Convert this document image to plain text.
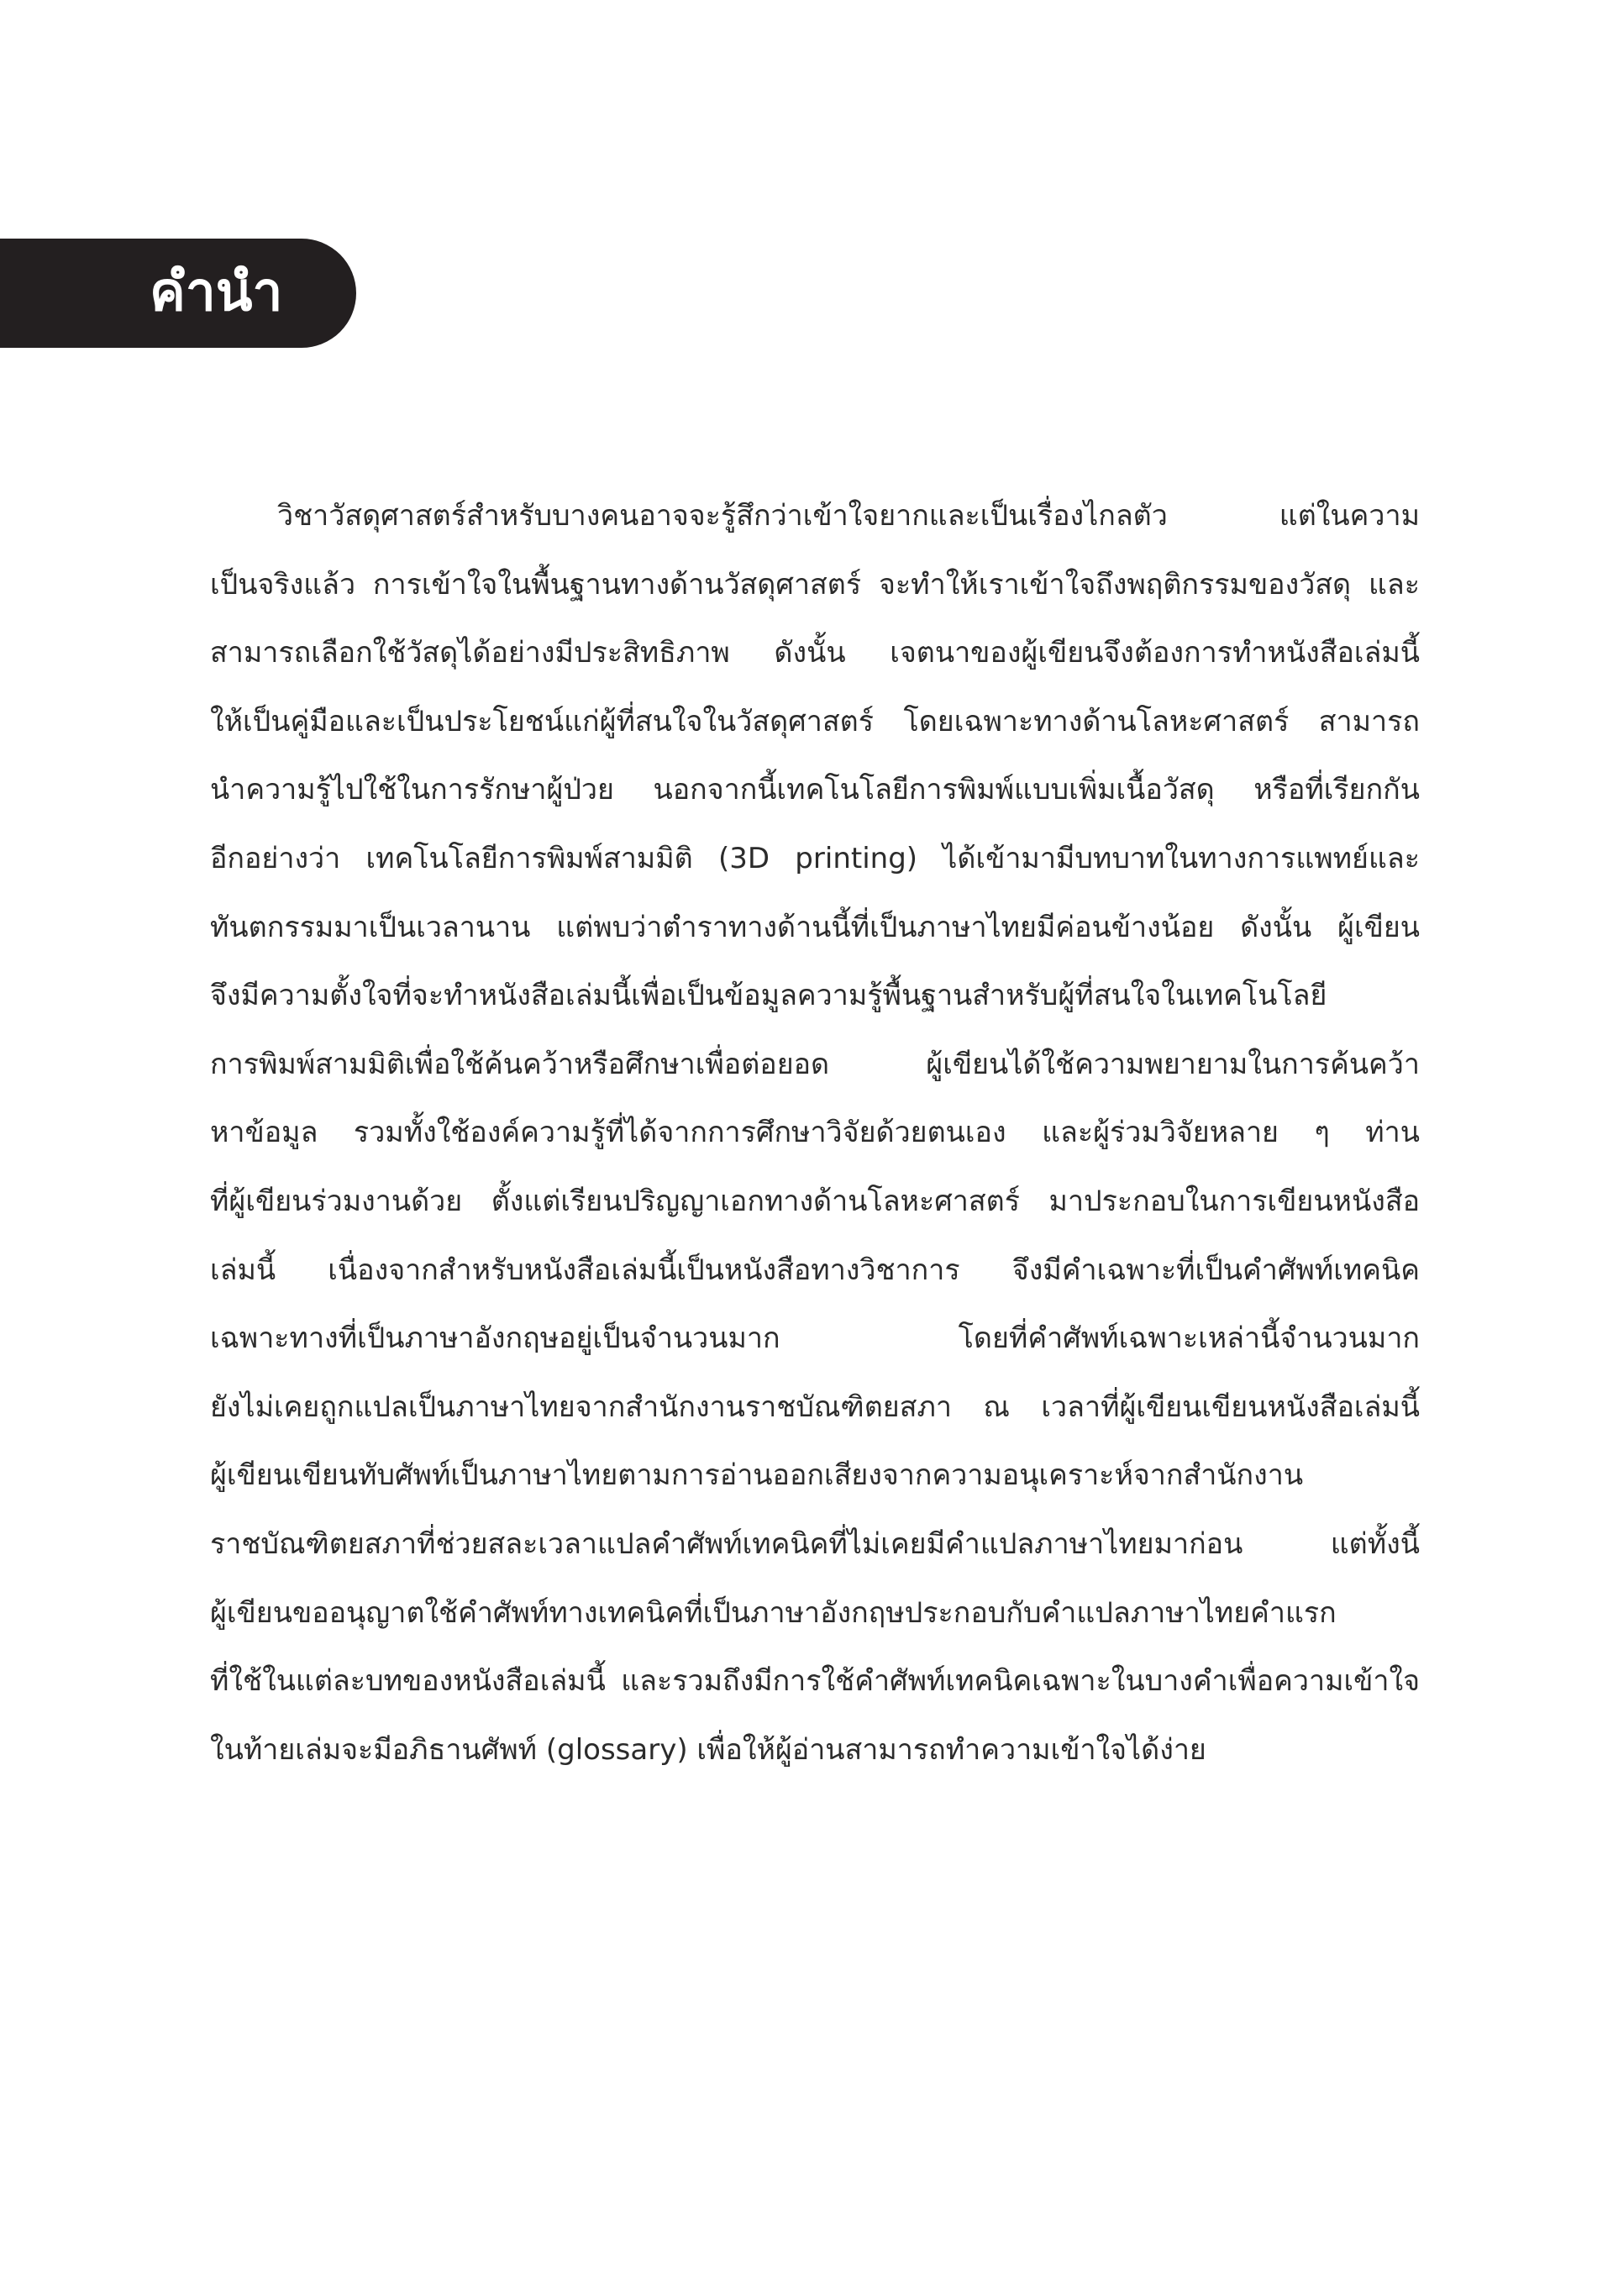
คำนำ
วิชาวัสดุศาสตร์สำหรับบางคนอาจจะรู้สึกว่าเข้าใจยากและเป็นเรื่องไกลตัว แต่ในความ
เป็นจริงแล้ว การเข้าใจในพื้นฐานทางด้านวัสดุศาสตร์ จะทำให้เราเข้าใจถึงพฤติกรรมของวัสดุ และ
สามารถเลือกใช้วัสดุได้อย่างมีประสิทธิภาพ ดังนั้น เจตนาของผู้เขียนจึงต้องการทำหนังสือเล่มนี้
ให้เป็นคู่มือและเป็นประโยชน์แก่ผู้ที่สนใจในวัสดุศาสตร์ โดยเฉพาะทางด้านโลหะศาสตร์ สามารถ
นำความรู้ไปใช้ในการรักษาผู้ป่วย นอกจากนี้เทคโนโลยีการพิมพ์แบบเพิ่มเนื้อวัสดุ หรือที่เรียกกัน
อีกอย่างว่า เทคโนโลยีการพิมพ์สามมิติ (3D printing) ได้เข้ามามีบทบาทในทางการแพทย์และ
ทันตกรรมมาเป็นเวลานาน แต่พบว่าตำราทางด้านนี้ที่เป็นภาษาไทยมีค่อนข้างน้อย ดังนั้น ผู้เขียน
จึงมีความตั้งใจที่จะทำหนังสือเล่มนี้เพื่อเป็นข้อมูลความรู้พื้นฐานสำหรับผู้ที่สนใจในเทคโนโลยี
การพิมพ์สามมิติเพื่อใช้ค้นคว้าหรือศึกษาเพื่อต่อยอด ผู้เขียนได้ใช้ความพยายามในการค้นคว้า
หาข้อมูล รวมทั้งใช้องค์ความรู้ที่ได้จากการศึกษาวิจัยด้วยตนเอง และผู้ร่วมวิจัยหลาย ๆ ท่าน
ที่ผู้เขียนร่วมงานด้วย ตั้งแต่เรียนปริญญาเอกทางด้านโลหะศาสตร์ มาประกอบในการเขียนหนังสือ
เล่มนี้ เนื่องจากสำหรับหนังสือเล่มนี้เป็นหนังสือทางวิชาการ จึงมีคำเฉพาะที่เป็นคำศัพท์เทคนิค
เฉพาะทางที่เป็นภาษาอังกฤษอยู่เป็นจำนวนมาก โดยที่คำศัพท์เฉพาะเหล่านี้จำนวนมาก
ยังไม่เคยถูกแปลเป็นภาษาไทยจากสำนักงานราชบัณฑิตยสภา ณ เวลาที่ผู้เขียนเขียนหนังสือเล่มนี้
ผู้เขียนเขียนทับศัพท์เป็นภาษาไทยตามการอ่านออกเสียงจากความอนุเคราะห์จากสำนักงาน
ราชบัณฑิตยสภาที่ช่วยสละเวลาแปลคำศัพท์เทคนิคที่ไม่เคยมีคำแปลภาษาไทยมาก่อน แต่ทั้งนี้
ผู้เขียนขออนุญาตใช้คำศัพท์ทางเทคนิคที่เป็นภาษาอังกฤษประกอบกับคำแปลภาษาไทยคำแรก
ที่ใช้ในแต่ละบทของหนังสือเล่มนี้ และรวมถึงมีการใช้คำศัพท์เทคนิคเฉพาะในบางคำเพื่อความเข้าใจ
ในท้ายเล่มจะมีอภิธานศัพท์ (glossary) เพื่อให้ผู้อ่านสามารถทำความเข้าใจได้ง่าย
